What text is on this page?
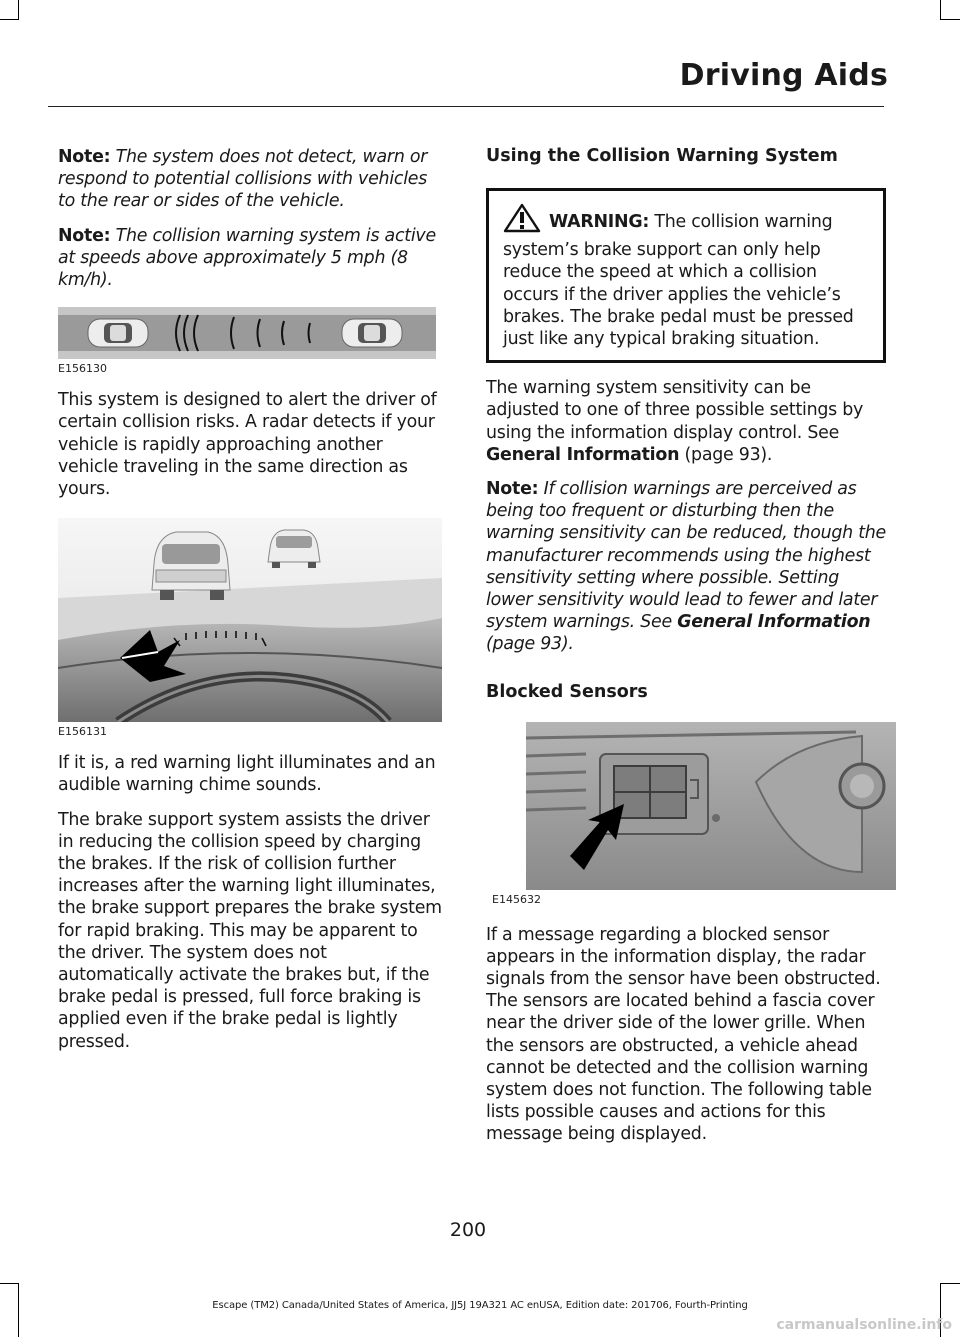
Driving Aids

Note: The system does not detect, warn or respond to potential collisions with vehicles to the rear or sides of the vehicle.

Note: The collision warning system is active at speeds above approximately 5 mph (8 km/h).

E156130

This system is designed to alert the driver of certain collision risks. A radar detects if your vehicle is rapidly approaching another vehicle traveling in the same direction as yours.

E156131

If it is, a red warning light illuminates and an audible warning chime sounds.

The brake support system assists the driver in reducing the collision speed by charging the brakes. If the risk of collision further increases after the warning light illuminates, the brake support prepares the brake system for rapid braking. This may be apparent to the driver. The system does not automatically activate the brakes but, if the brake pedal is pressed, full force braking is applied even if the brake pedal is lightly pressed.

Using the Collision Warning System
WARNING: The collision warning system’s brake support can only help reduce the speed at which a collision occurs if the driver applies the vehicle’s brakes. The brake pedal must be pressed just like any typical braking situation.

The warning system sensitivity can be adjusted to one of three possible settings by using the information display control. See General Information (page 93).

Note: If collision warnings are perceived as being too frequent or disturbing then the warning sensitivity can be reduced, though the manufacturer recommends using the highest sensitivity setting where possible. Setting lower sensitivity would lead to fewer and later system warnings. See General Information (page 93).

Blocked Sensors
E145632

If a message regarding a blocked sensor appears in the information display, the radar signals from the sensor have been obstructed. The sensors are located behind a fascia cover near the driver side of the lower grille. When the sensors are obstructed, a vehicle ahead cannot be detected and the collision warning system does not function. The following table lists possible causes and actions for this message being displayed.

200
Escape (TM2) Canada/United States of America, JJ5J 19A321 AC enUSA, Edition date: 201706, Fourth-Printing
carmanualsonline.info
